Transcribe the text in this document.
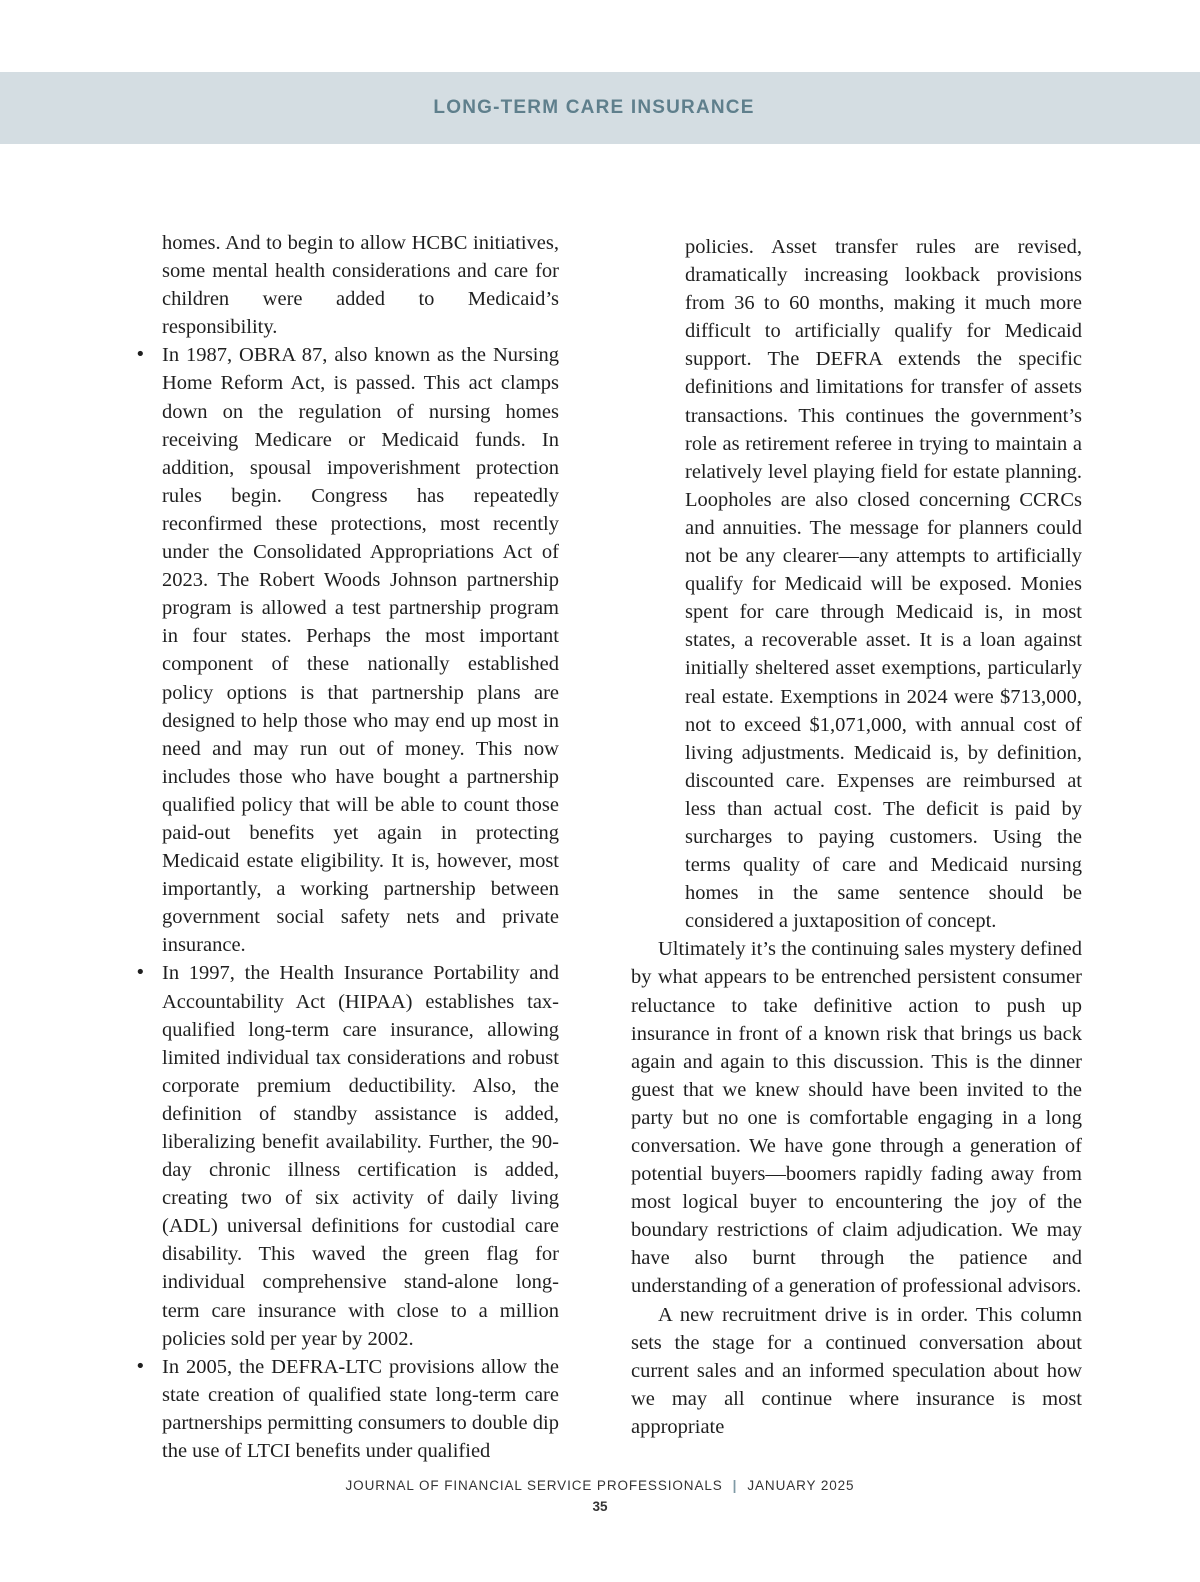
LONG-TERM CARE INSURANCE

homes. And to begin to allow HCBC initiatives, some mental health considerations and care for children were added to Medicaid’s responsibility.

• In 1987, OBRA 87, also known as the Nursing Home Reform Act, is passed. This act clamps down on the regulation of nursing homes receiving Medicare or Medicaid funds. In addition, spousal impoverishment protection rules begin. Congress has repeatedly reconfirmed these protections, most recently under the Consolidated Appropriations Act of 2023. The Robert Woods Johnson partnership program is allowed a test partnership program in four states. Perhaps the most important component of these nationally established policy options is that partnership plans are designed to help those who may end up most in need and may run out of money. This now includes those who have bought a partnership qualified policy that will be able to count those paid-out benefits yet again in protecting Medicaid estate eligibility. It is, however, most importantly, a working partnership between government social safety nets and private insurance.
• In 1997, the Health Insurance Portability and Accountability Act (HIPAA) establishes tax-qualified long-term care insurance, allowing limited individual tax considerations and robust corporate premium deductibility. Also, the definition of standby assistance is added, liberalizing benefit availability. Further, the 90-day chronic illness certification is added, creating two of six activity of daily living (ADL) universal definitions for custodial care disability. This waved the green flag for individual comprehensive stand-alone long-term care insurance with close to a million policies sold per year by 2002.
• In 2005, the DEFRA-LTC provisions allow the state creation of qualified state long-term care partnerships permitting consumers to double dip the use of LTCI benefits under qualified

policies. Asset transfer rules are revised, dramatically increasing lookback provisions from 36 to 60 months, making it much more difficult to artificially qualify for Medicaid support. The DEFRA extends the specific definitions and limitations for transfer of assets transactions. This continues the government’s role as retirement referee in trying to maintain a relatively level playing field for estate planning. Loopholes are also closed concerning CCRCs and annuities. The message for planners could not be any clearer—any attempts to artificially qualify for Medicaid will be exposed. Monies spent for care through Medicaid is, in most states, a recoverable asset. It is a loan against initially sheltered asset exemptions, particularly real estate. Exemptions in 2024 were $713,000, not to exceed $1,071,000, with annual cost of living adjustments. Medicaid is, by definition, discounted care. Expenses are reimbursed at less than actual cost. The deficit is paid by surcharges to paying customers. Using the terms quality of care and Medicaid nursing homes in the same sentence should be considered a juxtaposition of concept.

Ultimately it’s the continuing sales mystery defined by what appears to be entrenched persistent consumer reluctance to take definitive action to push up insurance in front of a known risk that brings us back again and again to this discussion. This is the dinner guest that we knew should have been invited to the party but no one is comfortable engaging in a long conversation. We have gone through a generation of potential buyers—boomers rapidly fading away from most logical buyer to encountering the joy of the boundary restrictions of claim adjudication. We may have also burnt through the patience and understanding of a generation of professional advisors.

A new recruitment drive is in order. This column sets the stage for a continued conversation about current sales and an informed speculation about how we may all continue where insurance is most appropriate

JOURNAL OF FINANCIAL SERVICE PROFESSIONALS | JANUARY 2025
35
